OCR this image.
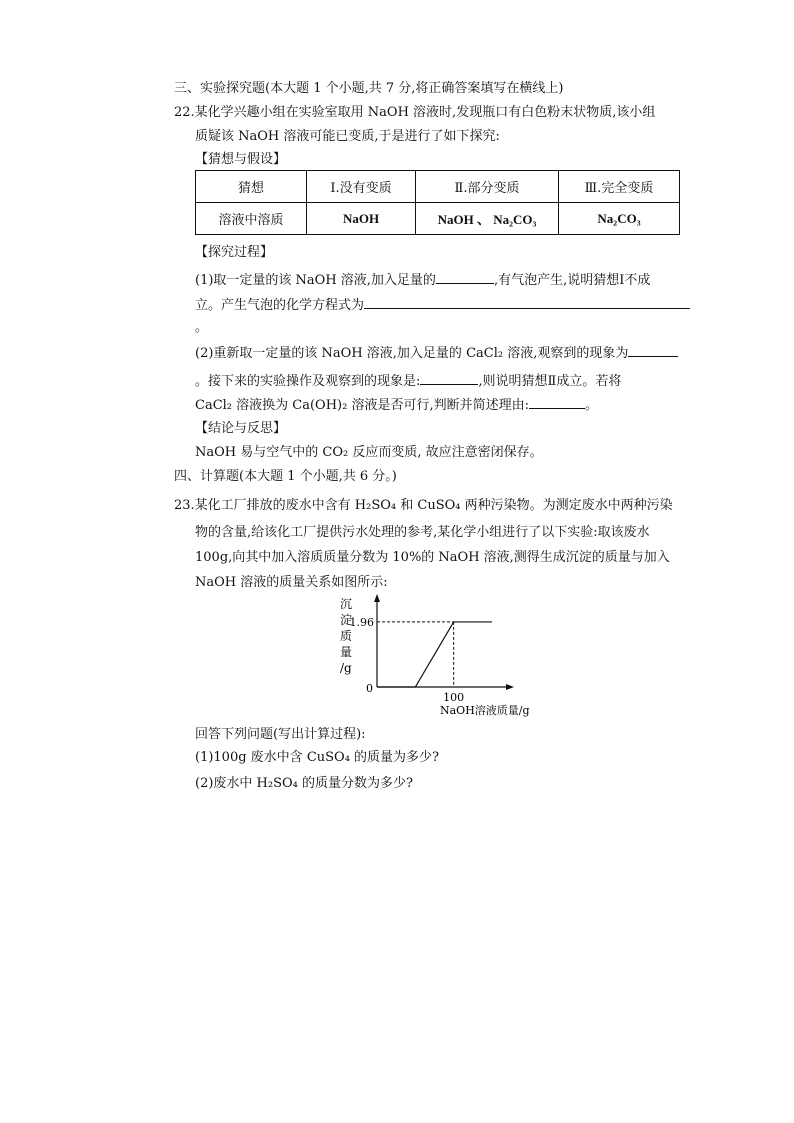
三、实验探究题(本大题 1 个小题,共 7 分,将正确答案填写在横线上)
22.某化学兴趣小组在实验室取用 NaOH 溶液时,发现瓶口有白色粉末状物质,该小组
质疑该 NaOH 溶液可能已变质,于是进行了如下探究:
【猜想与假设】
猜想	Ⅰ.没有变质	Ⅱ.部分变质	Ⅲ.完全变质
溶液中溶质	NaOH	NaOH 、 Na₂CO₃	Na₂CO₃
【探究过程】
(1)取一定量的该 NaOH 溶液,加入足量的	,有气泡产生,说明猜想Ⅰ不成
立。产生气泡的化学方程式为
。
(2)重新取一定量的该 NaOH 溶液,加入足量的 CaCl₂ 溶液,观察到的现象为
。接下来的实验操作及观察到的现象是:	,则说明猜想Ⅱ成立。若将
CaCl₂ 溶液换为 Ca(OH)₂ 溶液是否可行,判断并简述理由:	。
【结论与反思】
NaOH 易与空气中的 CO₂ 反应而变质, 故应注意密闭保存。
四、计算题(本大题 1 个小题,共 6 分。)
23.某化工厂排放的废水中含有 H₂SO₄ 和 CuSO₄ 两种污染物。为测定废水中两种污染
物的含量,给该化工厂提供污水处理的参考,某化学小组进行了以下实验:取该废水
100g,向其中加入溶质质量分数为 10%的 NaOH 溶液,测得生成沉淀的质量与加入
NaOH 溶液的质量关系如图所示:
0
沉
淀
质
量
/g
1.96
100
NaOH溶液质量/g
回答下列问题(写出计算过程):
(1)100g 废水中含 CuSO₄ 的质量为多少?
(2)废水中 H₂SO₄ 的质量分数为多少?
